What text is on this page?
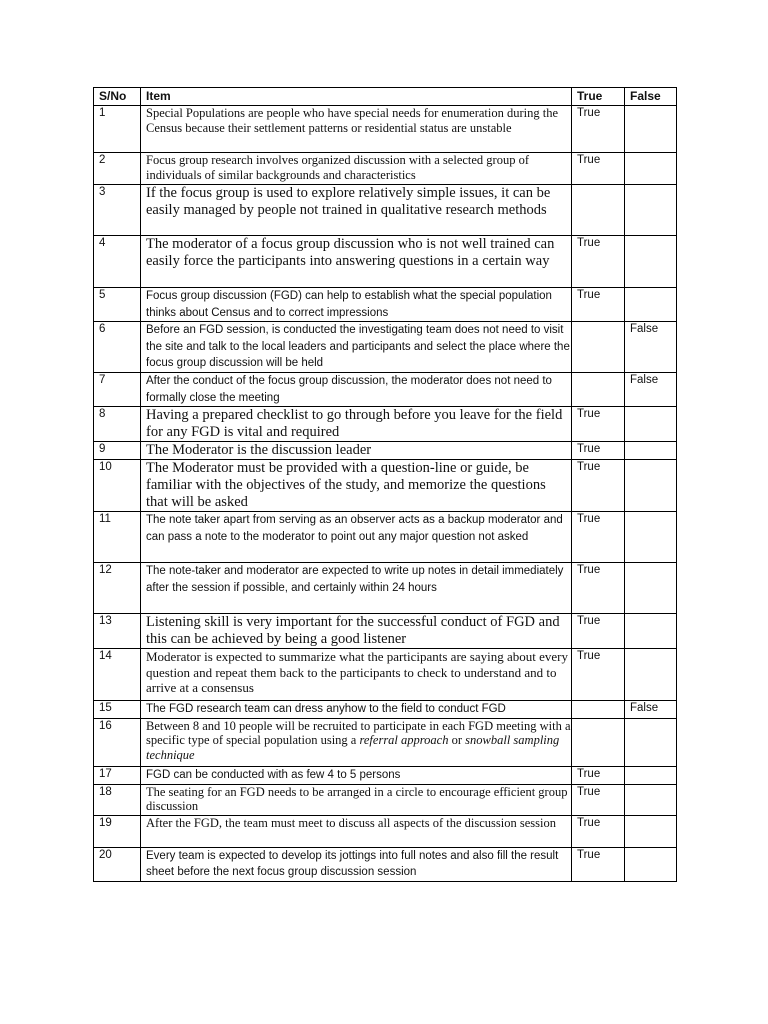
S/No	Item	True	False
1	Special Populations are people who have special needs for enumeration during the Census because their settlement patterns or residential status are unstable	True	
2	Focus group research involves organized discussion with a selected group of individuals of similar backgrounds and characteristics	True	
3	If the focus group is used to explore relatively simple issues, it can be easily managed by people not trained in qualitative research methods		
4	The moderator of a focus group discussion who is not well trained can easily force the participants into answering questions in a certain way	True	
5	Focus group discussion (FGD) can help to establish what the special population thinks about Census and to correct impressions	True	
6	Before an FGD session, is conducted the investigating team does not need to visit the site and talk to the local leaders and participants and select the place where the focus group discussion will be held		False
7	After the conduct of the focus group discussion, the moderator does not need to formally close the meeting		False
8	Having a prepared checklist to go through before you leave for the field for any FGD is vital and required	True	
9	The Moderator is the discussion leader	True	
10	The Moderator must be provided with a question-line or guide, be familiar with the objectives of the study, and memorize the questions that will be asked	True	
11	The note taker apart from serving as an observer acts as a backup moderator and can pass a note to the moderator to point out any major question not asked	True	
12	The note-taker and moderator are expected to write up notes in detail immediately after the session if possible, and certainly within 24 hours	True	
13	Listening skill is very important for the successful conduct of FGD and this can be achieved by being a good listener	True	
14	Moderator is expected to summarize what the participants are saying about every question and repeat them back to the participants to check to understand and to arrive at a consensus	True	
15	The FGD research team can dress anyhow to the field to conduct FGD		False
16	Between 8 and 10 people will be recruited to participate in each FGD meeting with a specific type of special population using a referral approach or snowball sampling technique		
17	FGD can be conducted with as few 4 to 5 persons	True	
18	The seating for an FGD needs to be arranged in a circle to encourage efficient group discussion	True	
19	After the FGD, the team must meet to discuss all aspects of the discussion session	True	
20	Every team is expected to develop its jottings into full notes and also fill the result sheet before the next focus group discussion session	True	
